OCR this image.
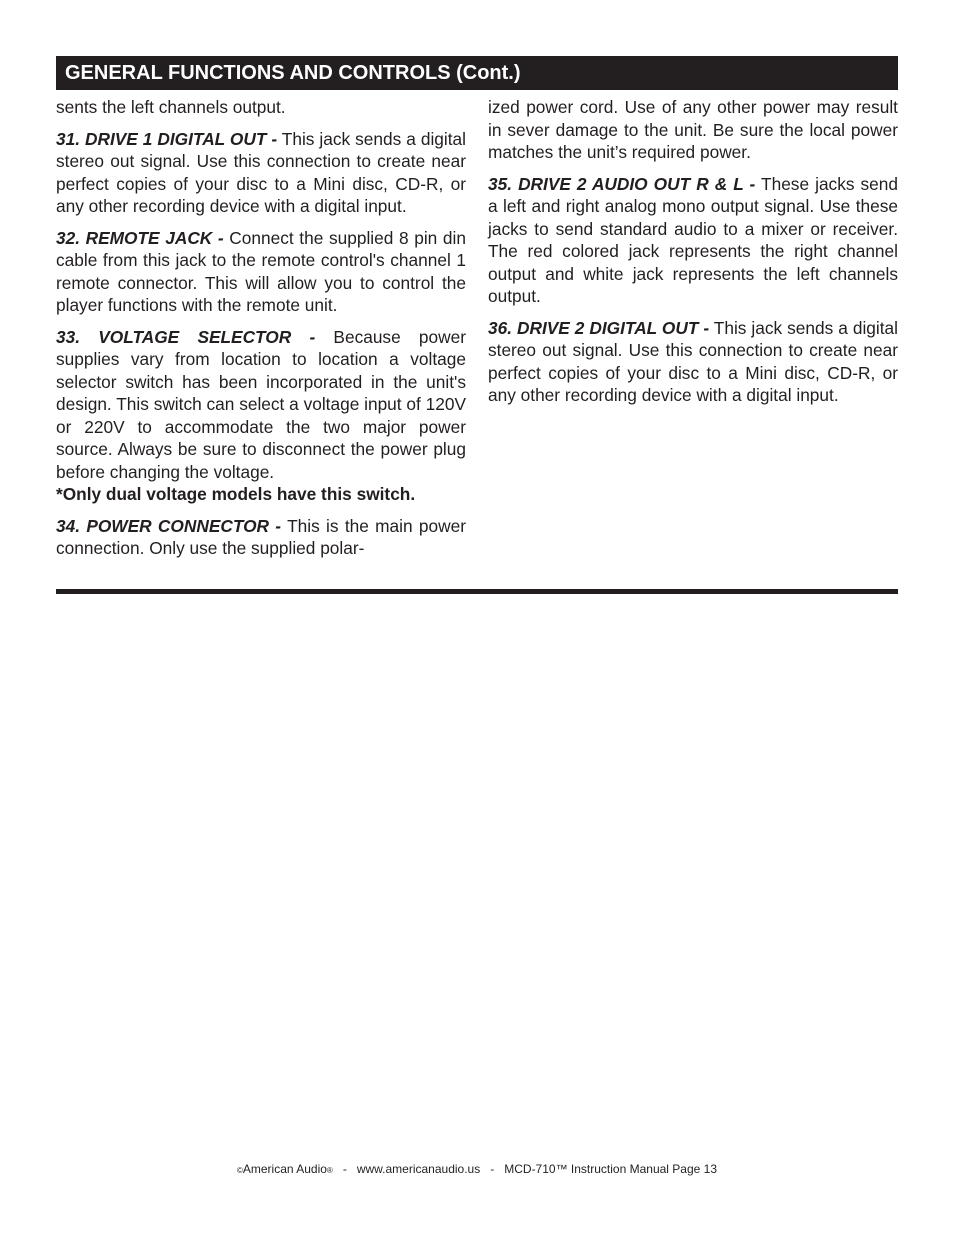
GENERAL FUNCTIONS AND CONTROLS (Cont.)

sents the left channels output.

31. DRIVE 1 DIGITAL OUT - This jack sends a digital stereo out signal. Use this connection to create near perfect copies of your disc to a Mini disc, CD-R, or any other recording device with a digital input.

32. REMOTE JACK - Connect the supplied 8 pin din cable from this jack to the remote control's channel 1 remote connector. This will allow you to control the player functions with the remote unit.

33. VOLTAGE SELECTOR - Because power supplies vary from location to location a voltage selector switch has been incorporated in the unit's design. This switch can select a voltage input of 120V or 220V to accommodate the two major power source. Always be sure to disconnect the power plug before changing the voltage.

*Only dual voltage models have this switch.

34. POWER CONNECTOR - This is the main power connection. Only use the supplied polar-

ized power cord. Use of any other power may result in sever damage to the unit. Be sure the local power matches the unit’s required power.

35. DRIVE 2 AUDIO OUT R & L - These jacks send a left and right analog mono output signal. Use these jacks to send standard audio to a mixer or receiver. The red colored jack represents the right channel output and white jack represents the left channels output.

36. DRIVE 2 DIGITAL OUT - This jack sends a digital stereo out signal. Use this connection to create near perfect copies of your disc to a Mini disc, CD-R, or any other recording device with a digital input.

©American Audio® - www.americanaudio.us - MCD-710™ Instruction Manual Page 13
